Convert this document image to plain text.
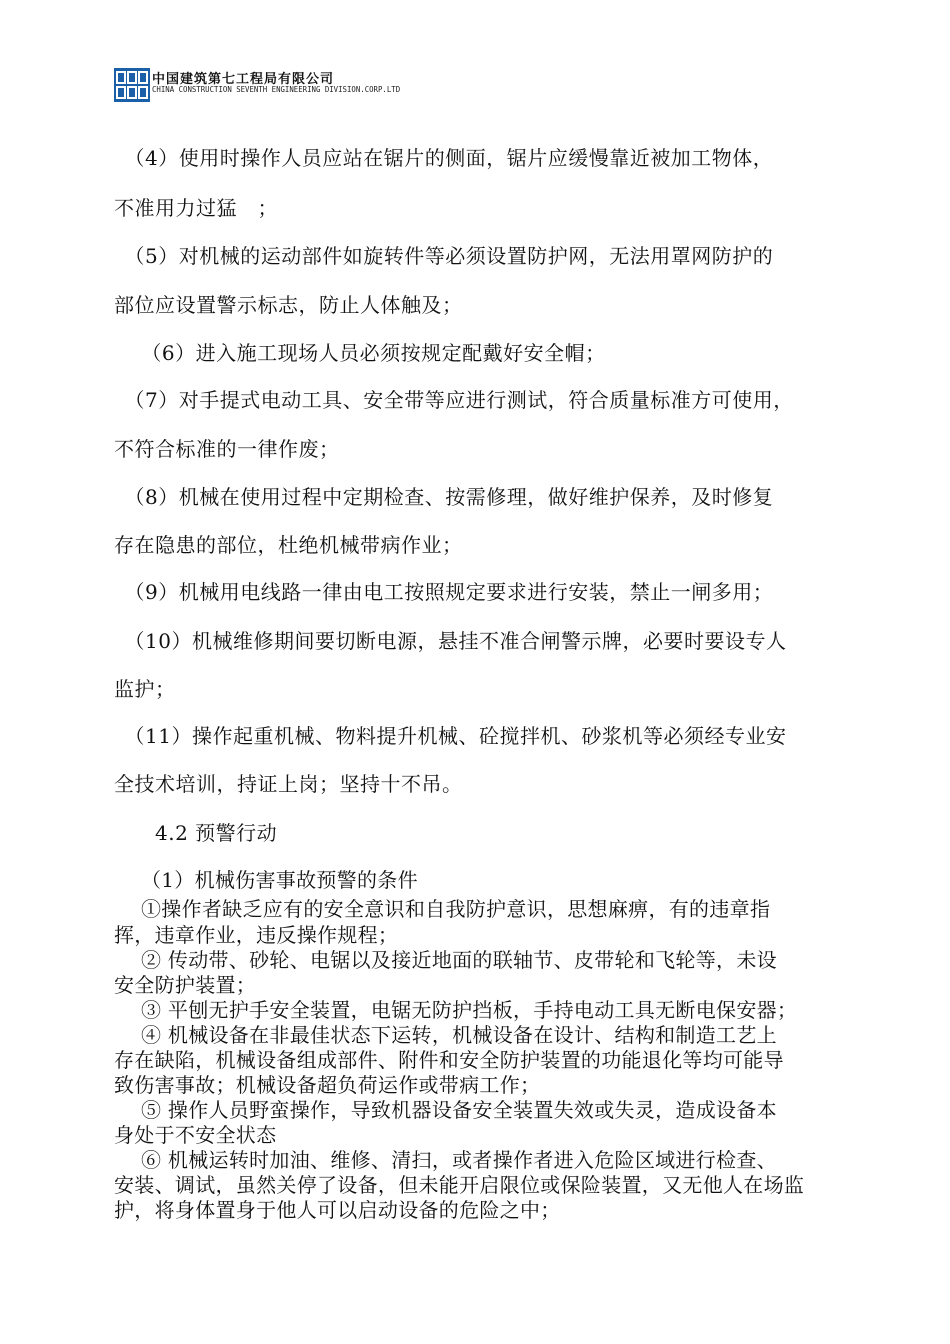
中国建筑第七工程局有限公司
CHINA CONSTRUCTION SEVENTH ENGINEERING DIVISION.CORP.LTD
　（4）使用时操作人员应站在锯片的侧面，锯片应缓慢靠近被加工物体，
不准用力过猛　；
　（5）对机械的运动部件如旋转件等必须设置防护网，无法用罩网防护的
部位应设置警示标志，防止人体触及；
　 （6）进入施工现场人员必须按规定配戴好安全帽；
　（7）对手提式电动工具、安全带等应进行测试，符合质量标准方可使用，
不符合标准的一律作废；
　（8）机械在使用过程中定期检查、按需修理，做好维护保养，及时修复
存在隐患的部位，杜绝机械带病作业；
　（9）机械用电线路一律由电工按照规定要求进行安装，禁止一闸多用；
　（10）机械维修期间要切断电源，悬挂不准合闸警示牌，必要时要设专人
监护；
　（11）操作起重机械、物料提升机械、砼搅拌机、砂浆机等必须经专业安
全技术培训，持证上岗；坚持十不吊。
　　4.2 预警行动
　 （1）机械伤害事故预警的条件
　 ①操作者缺乏应有的安全意识和自我防护意识，思想麻痹，有的违章指
挥，违章作业，违反操作规程；
　 ② 传动带、砂轮、电锯以及接近地面的联轴节、皮带轮和飞轮等，未设
安全防护装置；
　 ③ 平刨无护手安全装置，电锯无防护挡板，手持电动工具无断电保安器；
　 ④ 机械设备在非最佳状态下运转，机械设备在设计、结构和制造工艺上
存在缺陷，机械设备组成部件、附件和安全防护装置的功能退化等均可能导
致伤害事故；机械设备超负荷运作或带病工作；
　 ⑤ 操作人员野蛮操作，导致机器设备安全装置失效或失灵，造成设备本
身处于不安全状态
　 ⑥ 机械运转时加油、维修、清扫，或者操作者进入危险区域进行检查、
安装、调试，虽然关停了设备，但未能开启限位或保险装置，又无他人在场监
护，将身体置身于他人可以启动设备的危险之中；
